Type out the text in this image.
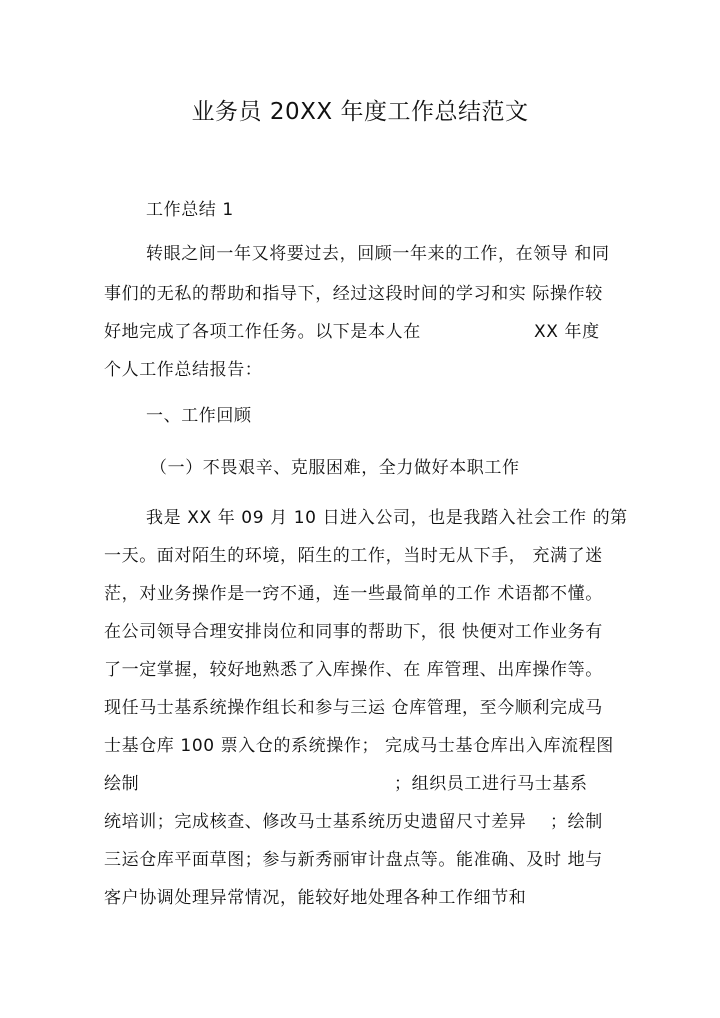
业务员 20XX 年度工作总结范文
工作总结 1
转眼之间一年又将要过去，回顾一年来的工作，在领导 和同
事们的无私的帮助和指导下，经过这段时间的学习和实 际操作较
好地完成了各项工作任务。以下是本人在	XX 年度
个人工作总结报告：
一、工作回顾
（一）不畏艰辛、克服困难，全力做好本职工作
我是 XX 年 09 月 10 日进入公司，也是我踏入社会工作 的第
一天。面对陌生的环境，陌生的工作，当时无从下手， 充满了迷
茫，对业务操作是一窍不通，连一些最简单的工作 术语都不懂。
在公司领导合理安排岗位和同事的帮助下，很 快便对工作业务有
了一定掌握，较好地熟悉了入库操作、在 库管理、出库操作等。
现任马士基系统操作组长和参与三运 仓库管理，至今顺利完成马
士基仓库 100 票入仓的系统操作； 完成马士基仓库出入库流程图
绘制	；组织员工进行马士基系
统培训；完成核查、修改马士基系统历史遗留尺寸差异	；绘制
三运仓库平面草图；参与新秀丽审计盘点等。能准确、及时 地与
客户协调处理异常情况，能较好地处理各种工作细节和
